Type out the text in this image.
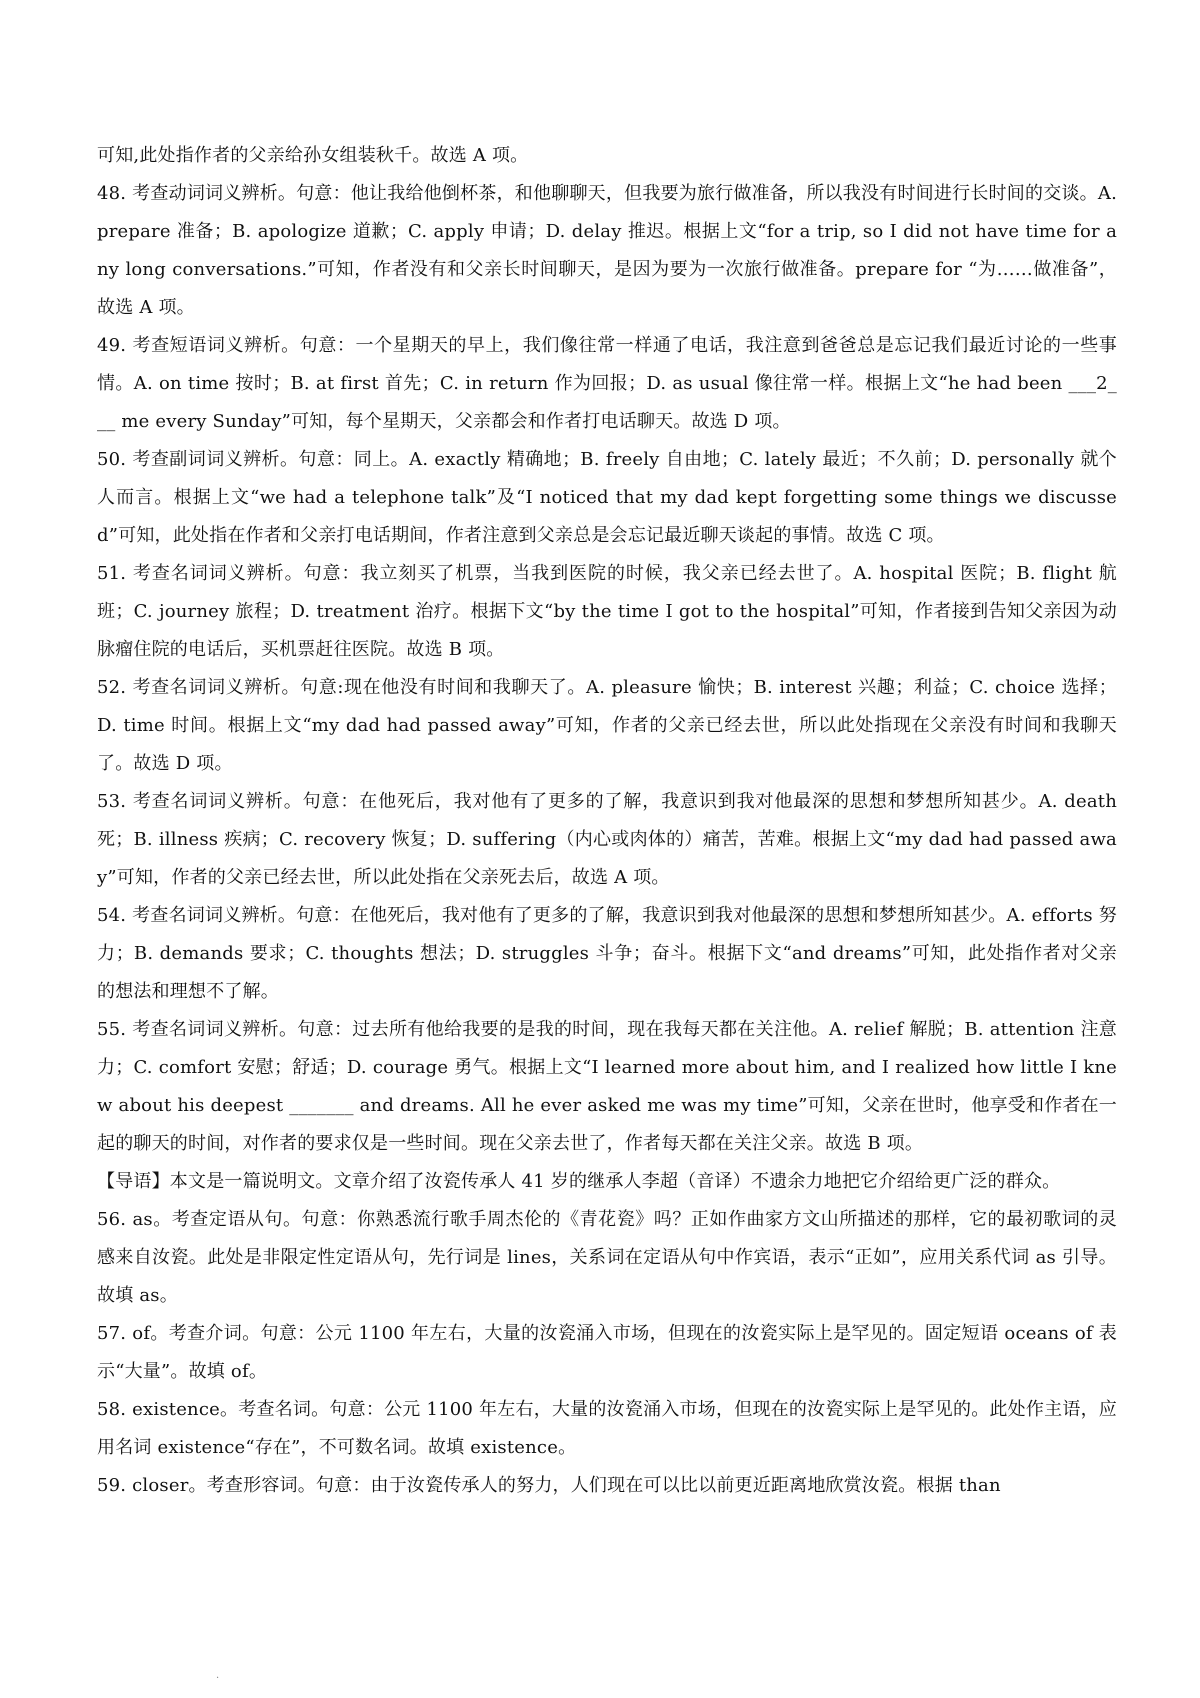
可知,此处指作者的父亲给孙女组装秋千。故选 A 项。

48. 考查动词词义辨析。句意：他让我给他倒杯茶，和他聊聊天，但我要为旅行做准备，所以我没有时间进行长时间的交谈。A. prepare 准备；B. apologize 道歉；C. apply 申请；D. delay 推迟。根据上文“for a trip, so I did not have time for any long conversations.”可知，作者没有和父亲长时间聊天，是因为要为一次旅行做准备。prepare for “为……做准备”，故选 A 项。

49. 考查短语词义辨析。句意：一个星期天的早上，我们像往常一样通了电话，我注意到爸爸总是忘记我们最近讨论的一些事情。A. on time 按时；B. at first 首先；C. in return 作为回报；D. as usual 像往常一样。根据上文“he had been ___2___ me every Sunday”可知，每个星期天，父亲都会和作者打电话聊天。故选 D 项。

50. 考查副词词义辨析。句意：同上。A. exactly 精确地；B. freely 自由地；C. lately 最近；不久前；D. personally 就个人而言。根据上文“we had a telephone talk”及“I noticed that my dad kept forgetting some things we discussed”可知，此处指在作者和父亲打电话期间，作者注意到父亲总是会忘记最近聊天谈起的事情。故选 C 项。

51. 考查名词词义辨析。句意：我立刻买了机票，当我到医院的时候，我父亲已经去世了。A. hospital 医院；B. flight 航班；C. journey 旅程；D. treatment 治疗。根据下文“by the time I got to the hospital”可知，作者接到告知父亲因为动脉瘤住院的电话后，买机票赶往医院。故选 B 项。

52. 考查名词词义辨析。句意:现在他没有时间和我聊天了。A. pleasure 愉快；B. interest 兴趣；利益；C. choice 选择；D. time 时间。根据上文“my dad had passed away”可知，作者的父亲已经去世，所以此处指现在父亲没有时间和我聊天了。故选 D 项。

53. 考查名词词义辨析。句意：在他死后，我对他有了更多的了解，我意识到我对他最深的思想和梦想所知甚少。A. death 死；B. illness 疾病；C. recovery 恢复；D. suffering（内心或肉体的）痛苦，苦难。根据上文“my dad had passed away”可知，作者的父亲已经去世，所以此处指在父亲死去后，故选 A 项。

54. 考查名词词义辨析。句意：在他死后，我对他有了更多的了解，我意识到我对他最深的思想和梦想所知甚少。A. efforts 努力；B. demands 要求；C. thoughts 想法；D. struggles 斗争；奋斗。根据下文“and dreams”可知，此处指作者对父亲的想法和理想不了解。

55. 考查名词词义辨析。句意：过去所有他给我要的是我的时间，现在我每天都在关注他。A. relief 解脱；B. attention 注意力；C. comfort 安慰；舒适；D. courage 勇气。根据上文“I learned more about him, and I realized how little I knew about his deepest _______ and dreams. All he ever asked me was my time”可知，父亲在世时，他享受和作者在一起的聊天的时间，对作者的要求仅是一些时间。现在父亲去世了，作者每天都在关注父亲。故选 B 项。

【导语】本文是一篇说明文。文章介绍了汝瓷传承人 41 岁的继承人李超（音译）不遗余力地把它介绍给更广泛的群众。

56. as。考查定语从句。句意：你熟悉流行歌手周杰伦的《青花瓷》吗？正如作曲家方文山所描述的那样，它的最初歌词的灵感来自汝瓷。此处是非限定性定语从句，先行词是 lines，关系词在定语从句中作宾语，表示“正如”，应用关系代词 as 引导。故填 as。

57. of。考查介词。句意：公元 1100 年左右，大量的汝瓷涌入市场，但现在的汝瓷实际上是罕见的。固定短语 oceans of 表示“大量”。故填 of。

58. existence。考查名词。句意：公元 1100 年左右，大量的汝瓷涌入市场，但现在的汝瓷实际上是罕见的。此处作主语，应用名词 existence“存在”，不可数名词。故填 existence。

59. closer。考查形容词。句意：由于汝瓷传承人的努力，人们现在可以比以前更近距离地欣赏汝瓷。根据 than

·
